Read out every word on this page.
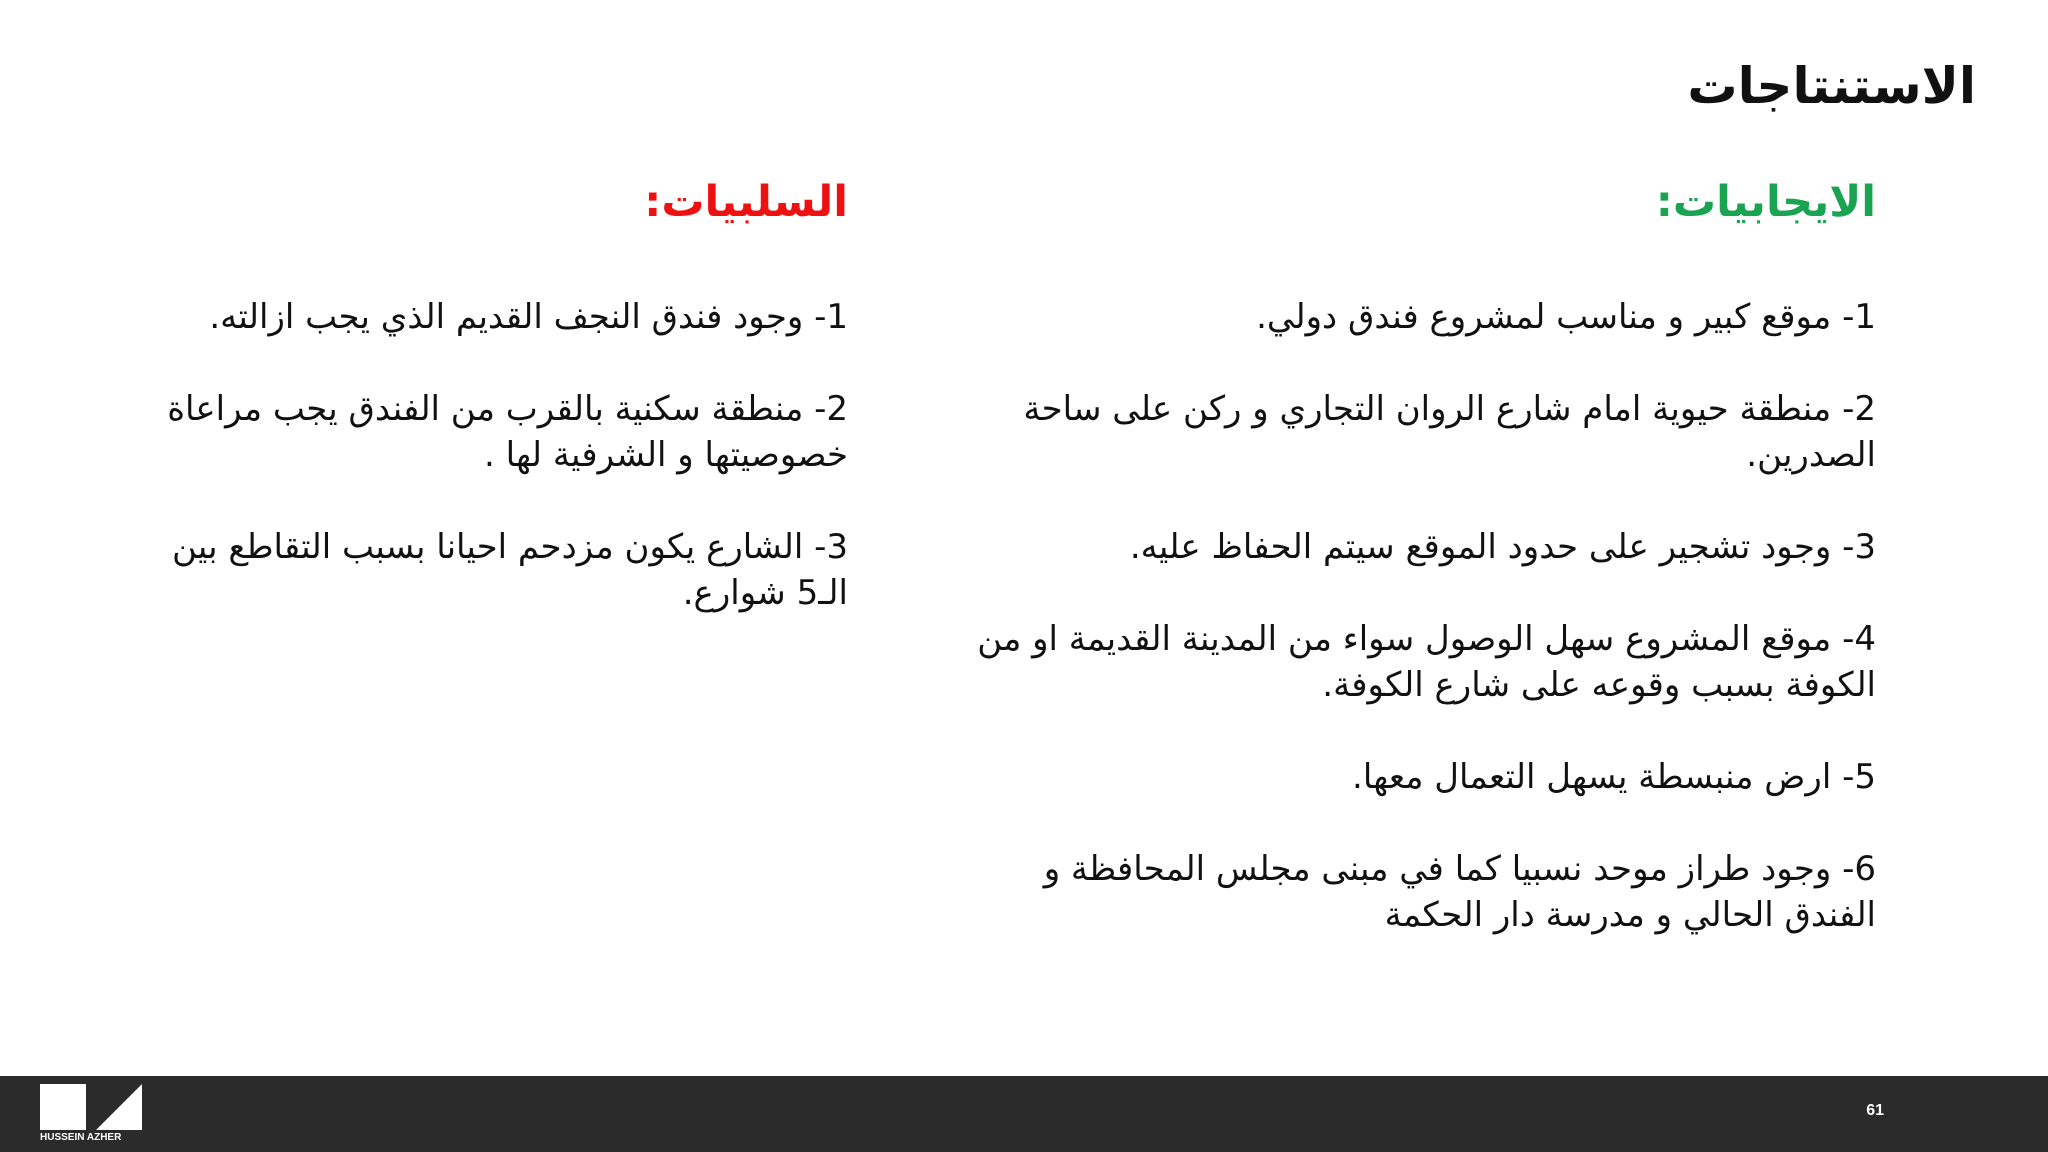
الاستنتاجات
الايجابيات:
1- موقع كبير و مناسب لمشروع فندق دولي.
2- منطقة حيوية امام شارع الروان التجاري و ركن على ساحة الصدرين.
3- وجود تشجير على حدود الموقع سيتم الحفاظ عليه.
4- موقع المشروع سهل الوصول سواء من المدينة القديمة او من الكوفة بسبب وقوعه على شارع الكوفة.
5- ارض منبسطة يسهل التعمال معها.
6- وجود طراز موحد نسبيا كما في مبنى مجلس المحافظة و الفندق الحالي و مدرسة دار الحكمة
السلبيات:
1- وجود فندق النجف القديم الذي يجب ازالته.
2- منطقة سكنية بالقرب من الفندق يجب مراعاة خصوصيتها و الشرفية لها .
3- الشارع يكون مزدحم احيانا بسبب التقاطع بين الـ5 شوارع.
HUSSEIN AZHER
61
